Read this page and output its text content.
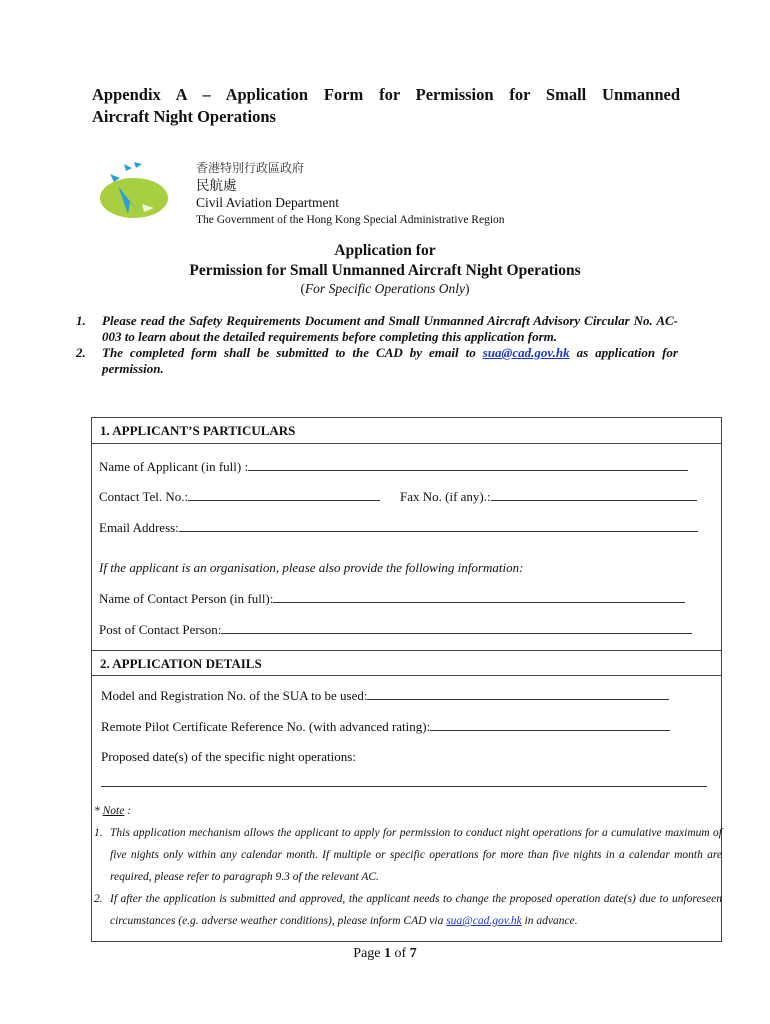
Appendix A – Application Form for Permission for Small Unmanned
Aircraft Night Operations
香港特別行政區政府
民航處
Civil Aviation Department
The Government of the Hong Kong Special Administrative Region
Application for
Permission for Small Unmanned Aircraft Night Operations
(For Specific Operations Only)
1.	Please read the Safety Requirements Document and Small Unmanned Aircraft Advisory Circular No. AC-003 to learn about the detailed requirements before completing this application form.
2.	The completed form shall be submitted to the CAD by email to sua@cad.gov.hk as application for permission.
1. APPLICANT’S PARTICULARS
Name of Applicant (in full) :
Contact Tel. No.:	Fax No. (if any).:
Email Address:
If the applicant is an organisation, please also provide the following information:
Name of Contact Person (in full):
Post of Contact Person:
2. APPLICATION DETAILS
Model and Registration No. of the SUA to be used:
Remote Pilot Certificate Reference No. (with advanced rating):
Proposed date(s) of the specific night operations:
* Note :
1. This application mechanism allows the applicant to apply for permission to conduct night operations for a cumulative maximum of five nights only within any calendar month. If multiple or specific operations for more than five nights in a calendar month are required, please refer to paragraph 9.3 of the relevant AC.
2. If after the application is submitted and approved, the applicant needs to change the proposed operation date(s) due to unforeseen circumstances (e.g. adverse weather conditions), please inform CAD via sua@cad.gov.hk in advance.
Page 1 of 7
